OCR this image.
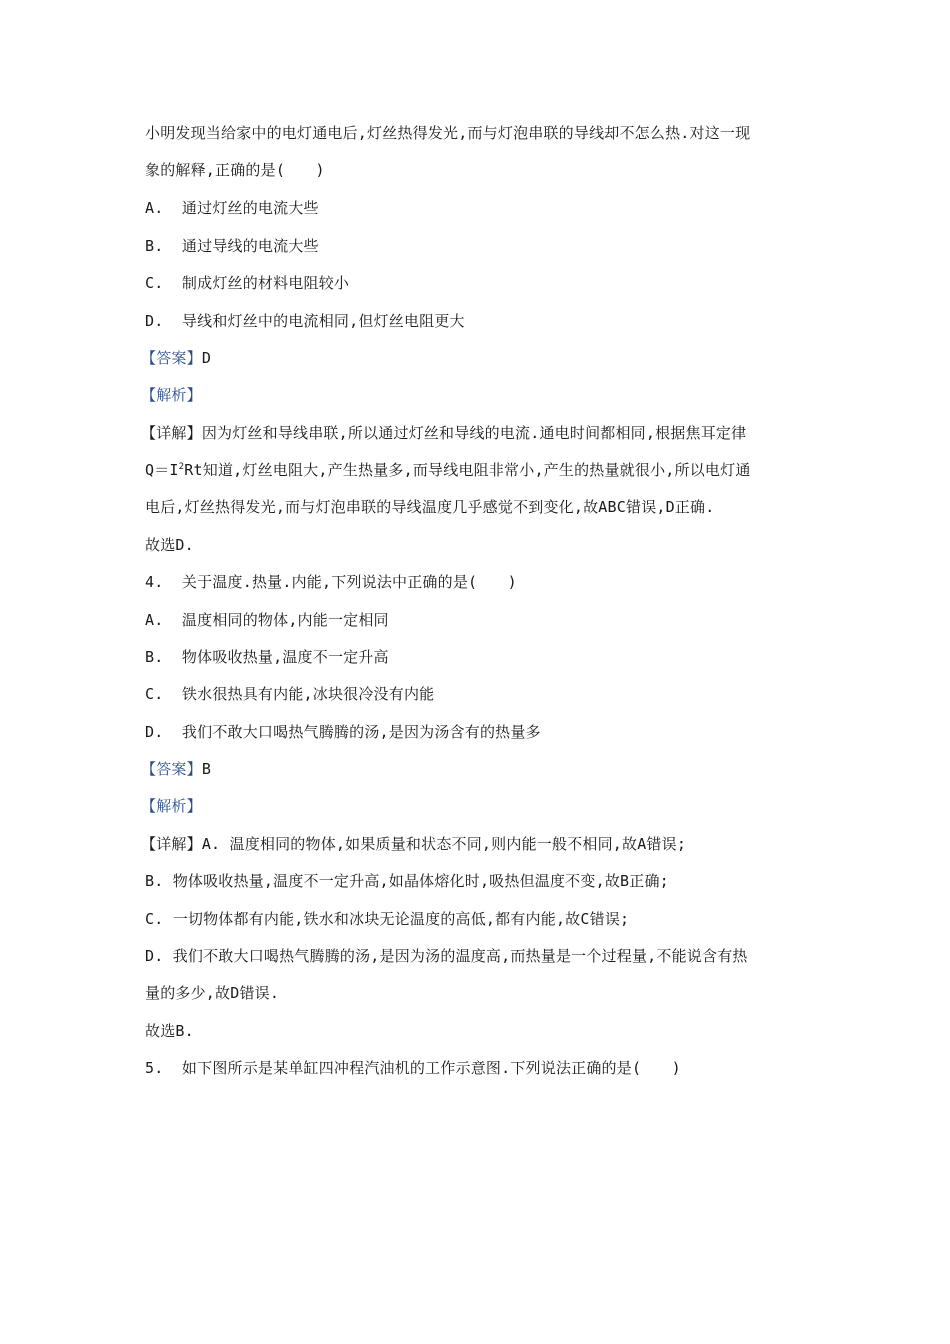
小明发现当给家中的电灯通电后,灯丝热得发光,而与灯泡串联的导线却不怎么热.对这一现
象的解释,正确的是(　　)
A.  通过灯丝的电流大些
B.  通过导线的电流大些
C.  制成灯丝的材料电阻较小
D.  导线和灯丝中的电流相同,但灯丝电阻更大
【答案】D
【解析】
【详解】因为灯丝和导线串联,所以通过灯丝和导线的电流.通电时间都相同,根据焦耳定律
$Q=I^2Rt$知道,灯丝电阻大,产生热量多,而导线电阻非常小,产生的热量就很小,所以电灯通
电后,灯丝热得发光,而与灯泡串联的导线温度几乎感觉不到变化,故ABC错误,D正确.
故选D.
4.  关于温度.热量.内能,下列说法中正确的是(　　)
A.  温度相同的物体,内能一定相同
B.  物体吸收热量,温度不一定升高
C.  铁水很热具有内能,冰块很冷没有内能
D.  我们不敢大口喝热气腾腾的汤,是因为汤含有的热量多
【答案】B
【解析】
【详解】A. 温度相同的物体,如果质量和状态不同,则内能一般不相同,故A错误;
B. 物体吸收热量,温度不一定升高,如晶体熔化时,吸热但温度不变,故B正确;
C. 一切物体都有内能,铁水和冰块无论温度的高低,都有内能,故C错误;
D. 我们不敢大口喝热气腾腾的汤,是因为汤的温度高,而热量是一个过程量,不能说含有热
量的多少,故D错误.
故选B.
5.  如下图所示是某单缸四冲程汽油机的工作示意图.下列说法正确的是(　　)
